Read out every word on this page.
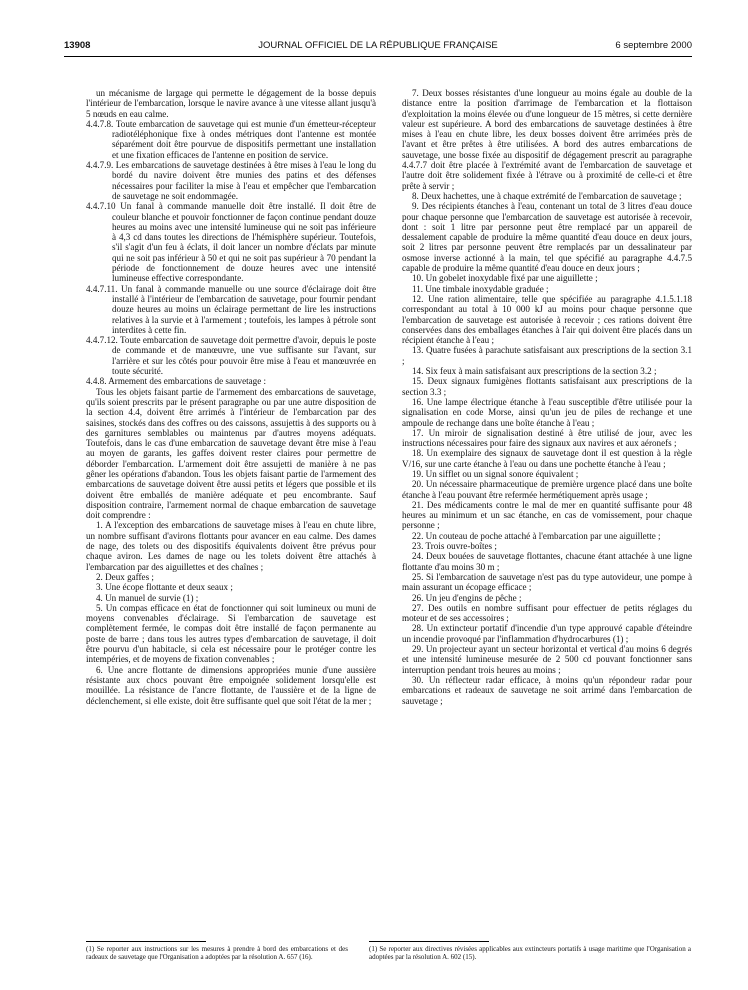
13908	JOURNAL OFFICIEL DE LA RÉPUBLIQUE FRANÇAISE	6 septembre 2000

un mécanisme de largage qui permette le dégagement de la bosse depuis l'intérieur de l'embarcation, lorsque le navire avance à une vitesse allant jusqu'à 5 nœuds en eau calme.

4.4.7.8. Toute embarcation de sauvetage qui est munie d'un émetteur-récepteur radiotéléphonique fixe à ondes métriques dont l'antenne est montée séparément doit être pourvue de dispositifs permettant une installation et une fixation efficaces de l'antenne en position de service.

4.4.7.9. Les embarcations de sauvetage destinées à être mises à l'eau le long du bordé du navire doivent être munies des patins et des défenses nécessaires pour faciliter la mise à l'eau et empêcher que l'embarcation de sauvetage ne soit endommagée.

4.4.7.10 Un fanal à commande manuelle doit être installé. Il doit être de couleur blanche et pouvoir fonctionner de façon continue pendant douze heures au moins avec une intensité lumineuse qui ne soit pas inférieure à 4,3 cd dans toutes les directions de l'hémisphère supérieur. Toutefois, s'il s'agit d'un feu à éclats, il doit lancer un nombre d'éclats par minute qui ne soit pas inférieur à 50 et qui ne soit pas supérieur à 70 pendant la période de fonctionnement de douze heures avec une intensité lumineuse effective correspondante.

4.4.7.11. Un fanal à commande manuelle ou une source d'éclairage doit être installé à l'intérieur de l'embarcation de sauvetage, pour fournir pendant douze heures au moins un éclairage permettant de lire les instructions relatives à la survie et à l'armement ; toutefois, les lampes à pétrole sont interdites à cette fin.

4.4.7.12. Toute embarcation de sauvetage doit permettre d'avoir, depuis le poste de commande et de manœuvre, une vue suffisante sur l'avant, sur l'arrière et sur les côtés pour pouvoir être mise à l'eau et manœuvrée en toute sécurité.

4.4.8. Armement des embarcations de sauvetage :

Tous les objets faisant partie de l'armement des embarcations de sauvetage, qu'ils soient prescrits par le présent paragraphe ou par une autre disposition de la section 4.4, doivent être arrimés à l'intérieur de l'embarcation par des saisines, stockés dans des coffres ou des caissons, assujettis à des supports ou à des garnitures semblables ou maintenus par d'autres moyens adéquats. Toutefois, dans le cas d'une embarcation de sauvetage devant être mise à l'eau au moyen de garants, les gaffes doivent rester claires pour permettre de déborder l'embarcation. L'armement doit être assujetti de manière à ne pas gêner les opérations d'abandon. Tous les objets faisant partie de l'armement des embarcations de sauvetage doivent être aussi petits et légers que possible et ils doivent être emballés de manière adéquate et peu encombrante. Sauf disposition contraire, l'armement normal de chaque embarcation de sauvetage doit comprendre :

1. A l'exception des embarcations de sauvetage mises à l'eau en chute libre, un nombre suffisant d'avirons flottants pour avancer en eau calme. Des dames de nage, des tolets ou des dispositifs équivalents doivent être prévus pour chaque aviron. Les dames de nage ou les tolets doivent être attachés à l'embarcation par des aiguillettes et des chaînes ;

2. Deux gaffes ;

3. Une écope flottante et deux seaux ;

4. Un manuel de survie (1) ;

5. Un compas efficace en état de fonctionner qui soit lumineux ou muni de moyens convenables d'éclairage. Si l'embarcation de sauvetage est complètement fermée, le compas doit être installé de façon permanente au poste de barre ; dans tous les autres types d'embarcation de sauvetage, il doit être pourvu d'un habitacle, si cela est nécessaire pour le protéger contre les intempéries, et de moyens de fixation convenables ;

6. Une ancre flottante de dimensions appropriées munie d'une aussière résistante aux chocs pouvant être empoignée solidement lorsqu'elle est mouillée. La résistance de l'ancre flottante, de l'aussière et de la ligne de déclenchement, si elle existe, doit être suffisante quel que soit l'état de la mer ;

7. Deux bosses résistantes d'une longueur au moins égale au double de la distance entre la position d'arrimage de l'embarcation et la flottaison d'exploitation la moins élevée ou d'une longueur de 15 mètres, si cette dernière valeur est supérieure. A bord des embarcations de sauvetage destinées à être mises à l'eau en chute libre, les deux bosses doivent être arrimées près de l'avant et être prêtes à être utilisées. A bord des autres embarcations de sauvetage, une bosse fixée au dispositif de dégagement prescrit au paragraphe 4.4.7.7 doit être placée à l'extrémité avant de l'embarcation de sauvetage et l'autre doit être solidement fixée à l'étrave ou à proximité de celle-ci et être prête à servir ;

8. Deux hachettes, une à chaque extrémité de l'embarcation de sauvetage ;

9. Des récipients étanches à l'eau, contenant un total de 3 litres d'eau douce pour chaque personne que l'embarcation de sauvetage est autorisée à recevoir, dont : soit 1 litre par personne peut être remplacé par un appareil de dessalement capable de produire la même quantité d'eau douce en deux jours, soit 2 litres par personne peuvent être remplacés par un dessalinateur par osmose inverse actionné à la main, tel que spécifié au paragraphe 4.4.7.5 capable de produire la même quantité d'eau douce en deux jours ;

10. Un gobelet inoxydable fixé par une aiguillette ;

11. Une timbale inoxydable graduée ;

12. Une ration alimentaire, telle que spécifiée au paragraphe 4.1.5.1.18 correspondant au total à 10 000 kJ au moins pour chaque personne que l'embarcation de sauvetage est autorisée à recevoir ; ces rations doivent être conservées dans des emballages étanches à l'air qui doivent être placés dans un récipient étanche à l'eau ;

13. Quatre fusées à parachute satisfaisant aux prescriptions de la section 3.1 ;

14. Six feux à main satisfaisant aux prescriptions de la section 3.2 ;

15. Deux signaux fumigènes flottants satisfaisant aux prescriptions de la section 3.3 ;

16. Une lampe électrique étanche à l'eau susceptible d'être utilisée pour la signalisation en code Morse, ainsi qu'un jeu de piles de rechange et une ampoule de rechange dans une boîte étanche à l'eau ;

17. Un miroir de signalisation destiné à être utilisé de jour, avec les instructions nécessaires pour faire des signaux aux navires et aux aéronefs ;

18. Un exemplaire des signaux de sauvetage dont il est question à la règle V/16, sur une carte étanche à l'eau ou dans une pochette étanche à l'eau ;

19. Un sifflet ou un signal sonore équivalent ;

20. Un nécessaire pharmaceutique de première urgence placé dans une boîte étanche à l'eau pouvant être refermée hermétiquement après usage ;

21. Des médicaments contre le mal de mer en quantité suffisante pour 48 heures au minimum et un sac étanche, en cas de vomissement, pour chaque personne ;

22. Un couteau de poche attaché à l'embarcation par une aiguillette ;

23. Trois ouvre-boîtes ;

24. Deux bouées de sauvetage flottantes, chacune étant attachée à une ligne flottante d'au moins 30 m ;

25. Si l'embarcation de sauvetage n'est pas du type autovideur, une pompe à main assurant un écopage efficace ;

26. Un jeu d'engins de pêche ;

27. Des outils en nombre suffisant pour effectuer de petits réglages du moteur et de ses accessoires ;

28. Un extincteur portatif d'incendie d'un type approuvé capable d'éteindre un incendie provoqué par l'inflammation d'hydrocarbures (1) ;

29. Un projecteur ayant un secteur horizontal et vertical d'au moins 6 degrés et une intensité lumineuse mesurée de 2 500 cd pouvant fonctionner sans interruption pendant trois heures au moins ;

30. Un réflecteur radar efficace, à moins qu'un répondeur radar pour embarcations et radeaux de sauvetage ne soit arrimé dans l'embarcation de sauvetage ;

(1) Se reporter aux instructions sur les mesures à prendre à bord des embarcations et des radeaux de sauvetage que l'Organisation a adoptées par la résolution A. 657 (16).
(1) Se reporter aux directives révisées applicables aux extincteurs portatifs à usage maritime que l'Organisation a adoptées par la résolution A. 602 (15).
